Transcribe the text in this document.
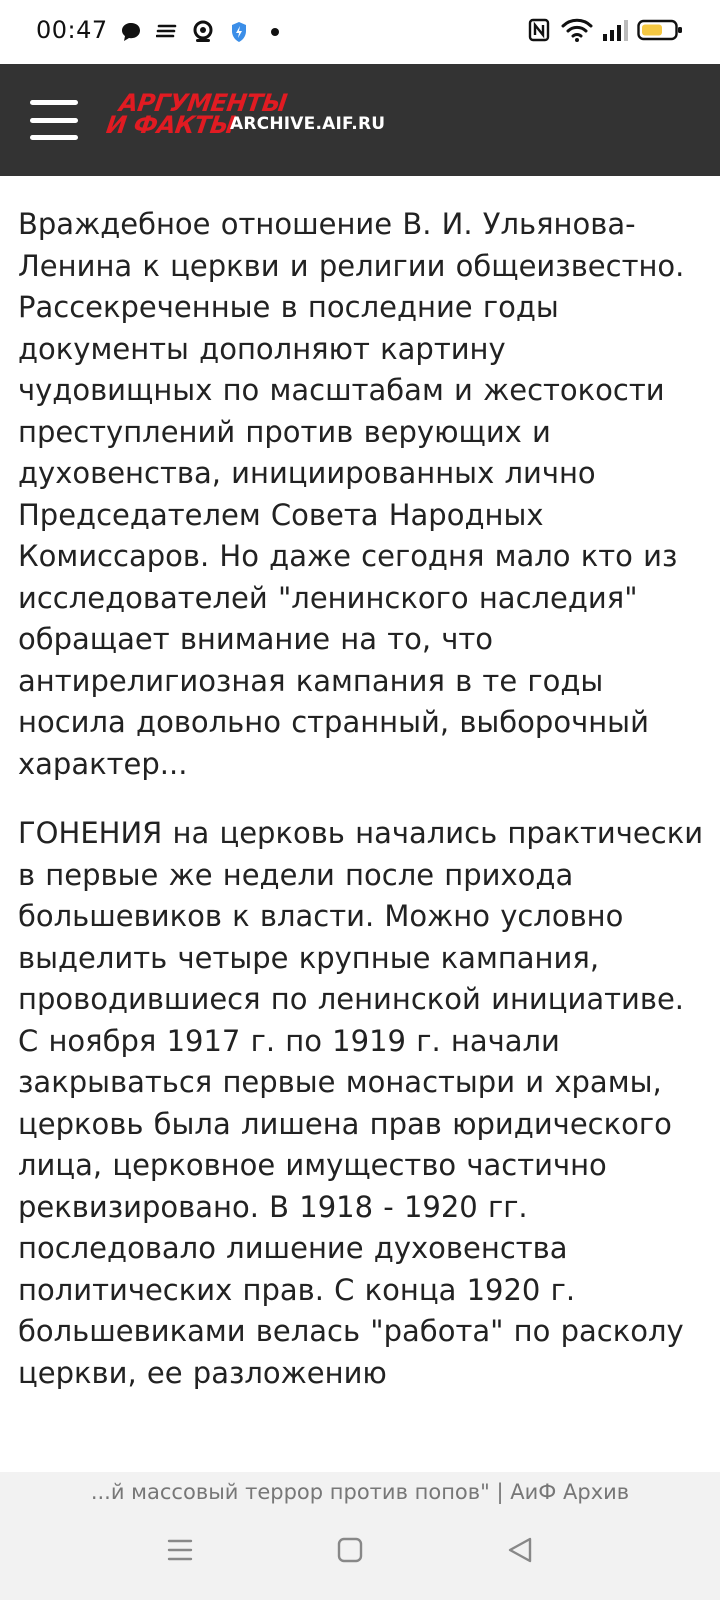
00:47
АРГУМЕНТЫ
И ФАКТЫ
ARCHIVE.AIF.RU

Враждебное отношение В. И. Ульянова-Ленина к церкви и религии общеизвестно. Рассекреченные в последние годы документы дополняют картину чудовищных по масштабам и жестокости преступлений против верующих и духовенства, инициированных лично Председателем Совета Народных Комиссаров. Но даже сегодня мало кто из исследователей "ленинского наследия" обращает внимание на то, что антирелигиозная кампания в те годы носила довольно странный, выборочный характер...

ГОНЕНИЯ на церковь начались практически в первые же недели после прихода большевиков к власти. Можно условно выделить четыре крупные кампания, проводившиеся по ленинской инициативе. С ноября 1917 г. по 1919 г. начали закрываться первые монастыри и храмы, церковь была лишена прав юридического лица, церковное имущество частично реквизировано. В 1918 - 1920 гг. последовало лишение духовенства политических прав. С конца 1920 г. большевиками велась "работа" по расколу церкви, ее разложению

...й массовый террор против попов" | АиФ Архив
